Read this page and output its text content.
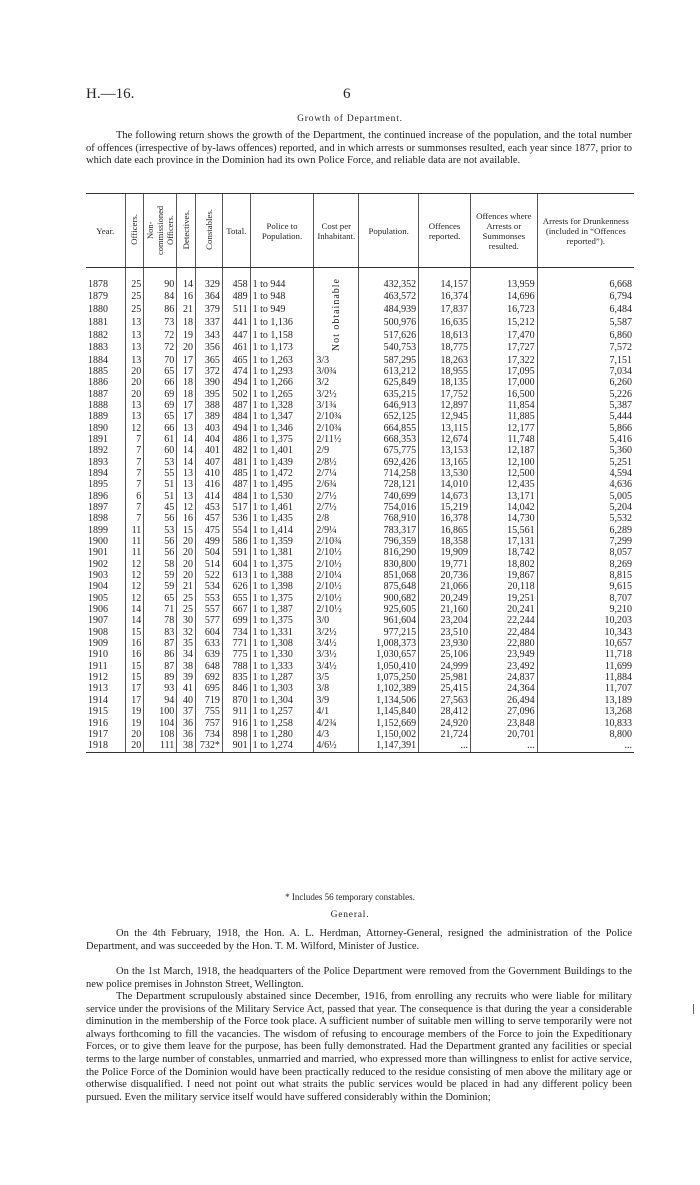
H.—16.	6
Growth of Department.

The following return shows the growth of the Department, the continued increase of the population, and the total number of offences (irrespective of by-laws offences) reported, and in which arrests or summonses resulted, each year since 1877, prior to which date each province in the Dominion had its own Police Force, and reliable data are not available.

Year.	Officers.	Non-commissioned Officers.	Detectives.	Constables.	Total.	Police to Population.	Cost per Inhabitant.	Population.	Offences reported.	Offences where Arrests or Summonses resulted.	Arrests for Drunkenness (included in “Offences reported”).

1878	25	90	14	329	458	1 to 944	Not obtainable	432,352	14,157	13,959	6,668
1879	25	84	16	364	489	1 to 948		463,572	16,374	14,696	6,794
1880	25	86	21	379	511	1 to 949		484,939	17,837	16,723	6,484
1881	13	73	18	337	441	1 to 1,136		500,976	16,635	15,212	5,587
1882	13	72	19	343	447	1 to 1,158		517,626	18,613	17,470	6,860
1883	13	72	20	356	461	1 to 1,173		540,753	18,775	17,727	7,572
1884	13	70	17	365	465	1 to 1,263	3/3	587,295	18,263	17,322	7,151
1885	20	65	17	372	474	1 to 1,293	3/0¾	613,212	18,955	17,095	7,034
1886	20	66	18	390	494	1 to 1,266	3/2	625,849	18,135	17,000	6,260
1887	20	69	18	395	502	1 to 1,265	3/2½	635,215	17,752	16,500	5,226
1888	13	69	17	388	487	1 to 1,328	3/1¾	646,913	12,897	11,854	5,387
1889	13	65	17	389	484	1 to 1,347	2/10¾	652,125	12,945	11,885	5,444
1890	12	66	13	403	494	1 to 1,346	2/10¾	664,855	13,115	12,177	5,866
1891	7	61	14	404	486	1 to 1,375	2/11½	668,353	12,674	11,748	5,416
1892	7	60	14	401	482	1 to 1,401	2/9	675,775	13,153	12,187	5,360
1893	7	53	14	407	481	1 to 1,439	2/8½	692,426	13,165	12,100	5,251
1894	7	55	13	410	485	1 to 1,472	2/7¼	714,258	13,530	12,500	4,594
1895	7	51	13	416	487	1 to 1,495	2/6¾	728,121	14,010	12,435	4,636
1896	6	51	13	414	484	1 to 1,530	2/7½	740,699	14,673	13,171	5,005
1897	7	45	12	453	517	1 to 1,461	2/7½	754,016	15,219	14,042	5,204
1898	7	56	16	457	536	1 to 1,435	2/8	768,910	16,378	14,730	5,532
1899	11	53	15	475	554	1 to 1,414	2/9¼	783,317	16,865	15,561	6,289
1900	11	56	20	499	586	1 to 1,359	2/10¾	796,359	18,358	17,131	7,299
1901	11	56	20	504	591	1 to 1,381	2/10½	816,290	19,909	18,742	8,057
1902	12	58	20	514	604	1 to 1,375	2/10½	830,800	19,771	18,802	8,269
1903	12	59	20	522	613	1 to 1,388	2/10¼	851,068	20,736	19,867	8,815
1904	12	59	21	534	626	1 to 1,398	2/10½	875,648	21,066	20,118	9,615
1905	12	65	25	553	655	1 to 1,375	2/10½	900,682	20,249	19,251	8,707
1906	14	71	25	557	667	1 to 1,387	2/10½	925,605	21,160	20,241	9,210
1907	14	78	30	577	699	1 to 1,375	3/0	961,604	23,204	22,244	10,203
1908	15	83	32	604	734	1 to 1,331	3/2½	977,215	23,510	22,484	10,343
1909	16	87	35	633	771	1 to 1,308	3/4½	1,008,373	23,930	22,880	10,657
1910	16	86	34	639	775	1 to 1,330	3/3½	1,030,657	25,106	23,949	11,718
1911	15	87	38	648	788	1 to 1,333	3/4½	1,050,410	24,999	23,492	11,699
1912	15	89	39	692	835	1 to 1,287	3/5	1,075,250	25,981	24,837	11,884
1913	17	93	41	695	846	1 to 1,303	3/8	1,102,389	25,415	24,364	11,707
1914	17	94	40	719	870	1 to 1,304	3/9	1,134,506	27,563	26,494	13,189
1915	19	100	37	755	911	1 to 1,257	4/1	1,145,840	28,412	27,096	13,268
1916	19	104	36	757	916	1 to 1,258	4/2¾	1,152,669	24,920	23,848	10,833
1917	20	108	36	734	898	1 to 1,280	4/3	1,150,002	21,724	20,701	8,800
1918	20	111	38	732*	901	1 to 1,274	4/6½	1,147,391	...	...	...
* Includes 56 temporary constables.
General.

On the 4th February, 1918, the Hon. A. L. Herdman, Attorney-General, resigned the administration of the Police Department, and was succeeded by the Hon. T. M. Wilford, Minister of Justice.

On the 1st March, 1918, the headquarters of the Police Department were removed from the Government Buildings to the new police premises in Johnston Street, Wellington.

The Department scrupulously abstained since December, 1916, from enrolling any recruits who were liable for military service under the provisions of the Military Service Act, passed that year. The consequence is that during the year a considerable diminution in the membership of the Force took place. A sufficient number of suitable men willing to serve temporarily were not always forthcoming to fill the vacancies. The wisdom of refusing to encourage members of the Force to join the Expeditionary Forces, or to give them leave for the purpose, has been fully demonstrated. Had the Department granted any facilities or special terms to the large number of constables, unmarried and married, who expressed more than willingness to enlist for active service, the Police Force of the Dominion would have been practically reduced to the residue consisting of men above the military age or otherwise disqualified. I need not point out what straits the public services would be placed in had any different policy been pursued. Even the military service itself would have suffered considerably within the Dominion;
